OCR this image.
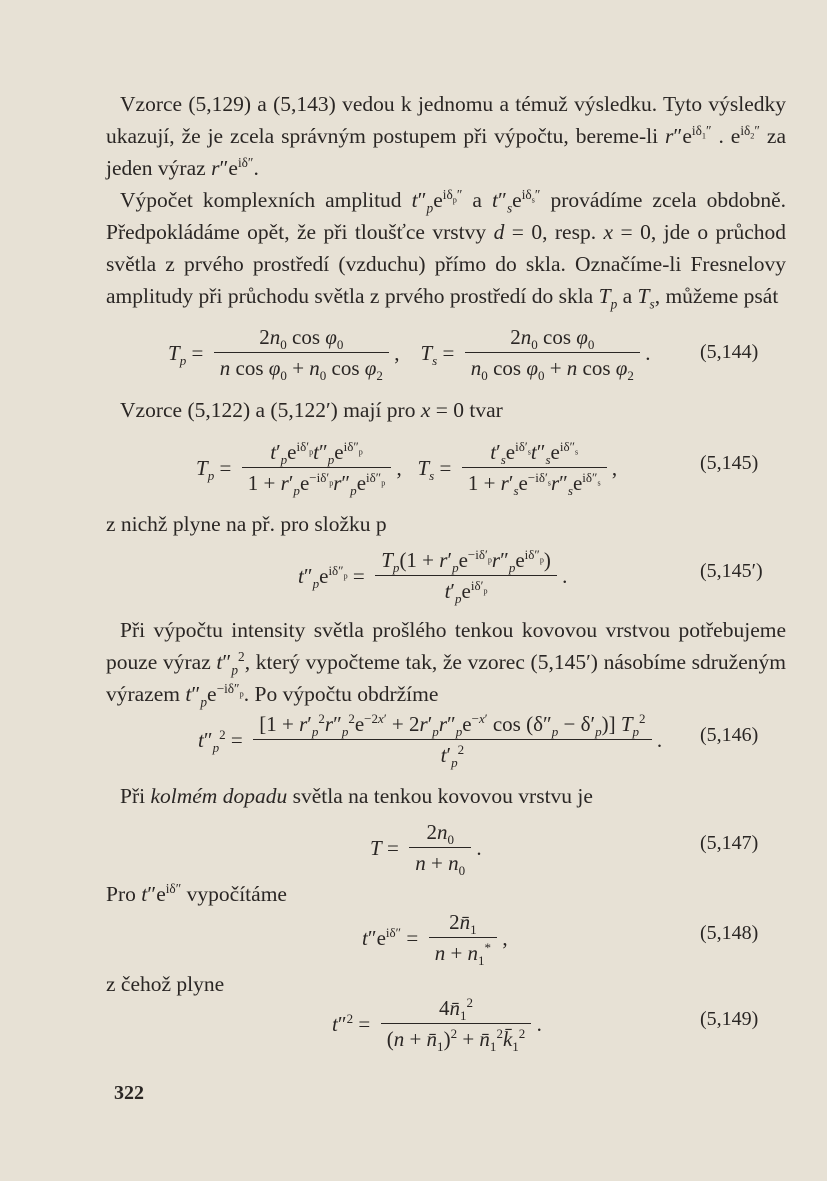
Vzorce (5,129) a (5,143) vedou k jednomu a témuž výsledku. Tyto výsledky ukazují, že je zcela správným postupem při výpočtu, bereme-li $r''e^{i\delta_1''}$ . $e^{i\delta_2''}$ za jeden výraz $r''e^{i\delta''}$.
Výpočet komplexních amplitud $t''_pe^{i\delta_p''}$ a $t''_se^{i\delta_s''}$ provádíme zcela obdobně. Předpokládáme opět, že při tloušťce vrstvy d = 0, resp. x = 0, jde o průchod světla z prvého prostředí (vzduchu) přímo do skla. Označíme-li Fresnelovy amplitudy při průchodu světla z prvého prostředí do skla $T_p$ a $T_s$, můžeme psát
$T_p = \frac{2n_0 \cos \varphi_0}{n \cos \varphi_0 + n_0 \cos \varphi_2}$ ,    $T_s = \frac{2n_0 \cos \varphi_0}{n_0 \cos \varphi_0 + n \cos \varphi_2}$ . (5,144)
Vzorce (5,122) a (5,122′) mají pro x = 0 tvar
$T_p = \frac{t'_pe^{i\delta'_p}t''_pe^{i\delta''_p}}{1 + r'_pe^{-i\delta'_p}r''_pe^{i\delta''_p}}$ ,   $T_s = \frac{t'_se^{i\delta'_s}t''_se^{i\delta''_s}}{1 + r'_se^{-i\delta'_s}r''_se^{i\delta''_s}}$ ,	(5,145)
z nichž plyne na př. pro složku p
$t''_pe^{i\delta''_p} = \frac{T_p(1 + r'_pe^{-i\delta'_p}r''_pe^{i\delta''_p})}{t'_pe^{i\delta'_p}}$ .	(5,145′)
Při výpočtu intensity světla prošlého tenkou kovovou vrstvou potřebujeme pouze výraz $t''_p^2$, který vypočteme tak, že vzorec (5,145′) násobíme sdruženým výrazem $t''_pe^{-i\delta''_p}$. Po výpočtu obdržíme
$t''_p^2 = \frac{[1 + r'_p^2r''_p^2e^{-2x'} + 2r'_pr''_pe^{-x'} \cos (\delta''_p - \delta'_p)] T_p^2}{t'_p^2}$ . (5,146)
Při kolmém dopadu světla na tenkou kovovou vrstvu je
$T = \frac{2n_0}{n + n_0}$ .	(5,147)
Pro $t''e^{i\delta''}$ vypočítáme
$t''e^{i\delta''} = \frac{2n̄_1}{n + n_1^*}$ ,	(5,148)
z čehož plyne
$t''^2 = \frac{4n̄_1^2}{(n + n̄_1)^2 + n̄_1^2k̄_1^2}$ .	(5,149)
322
